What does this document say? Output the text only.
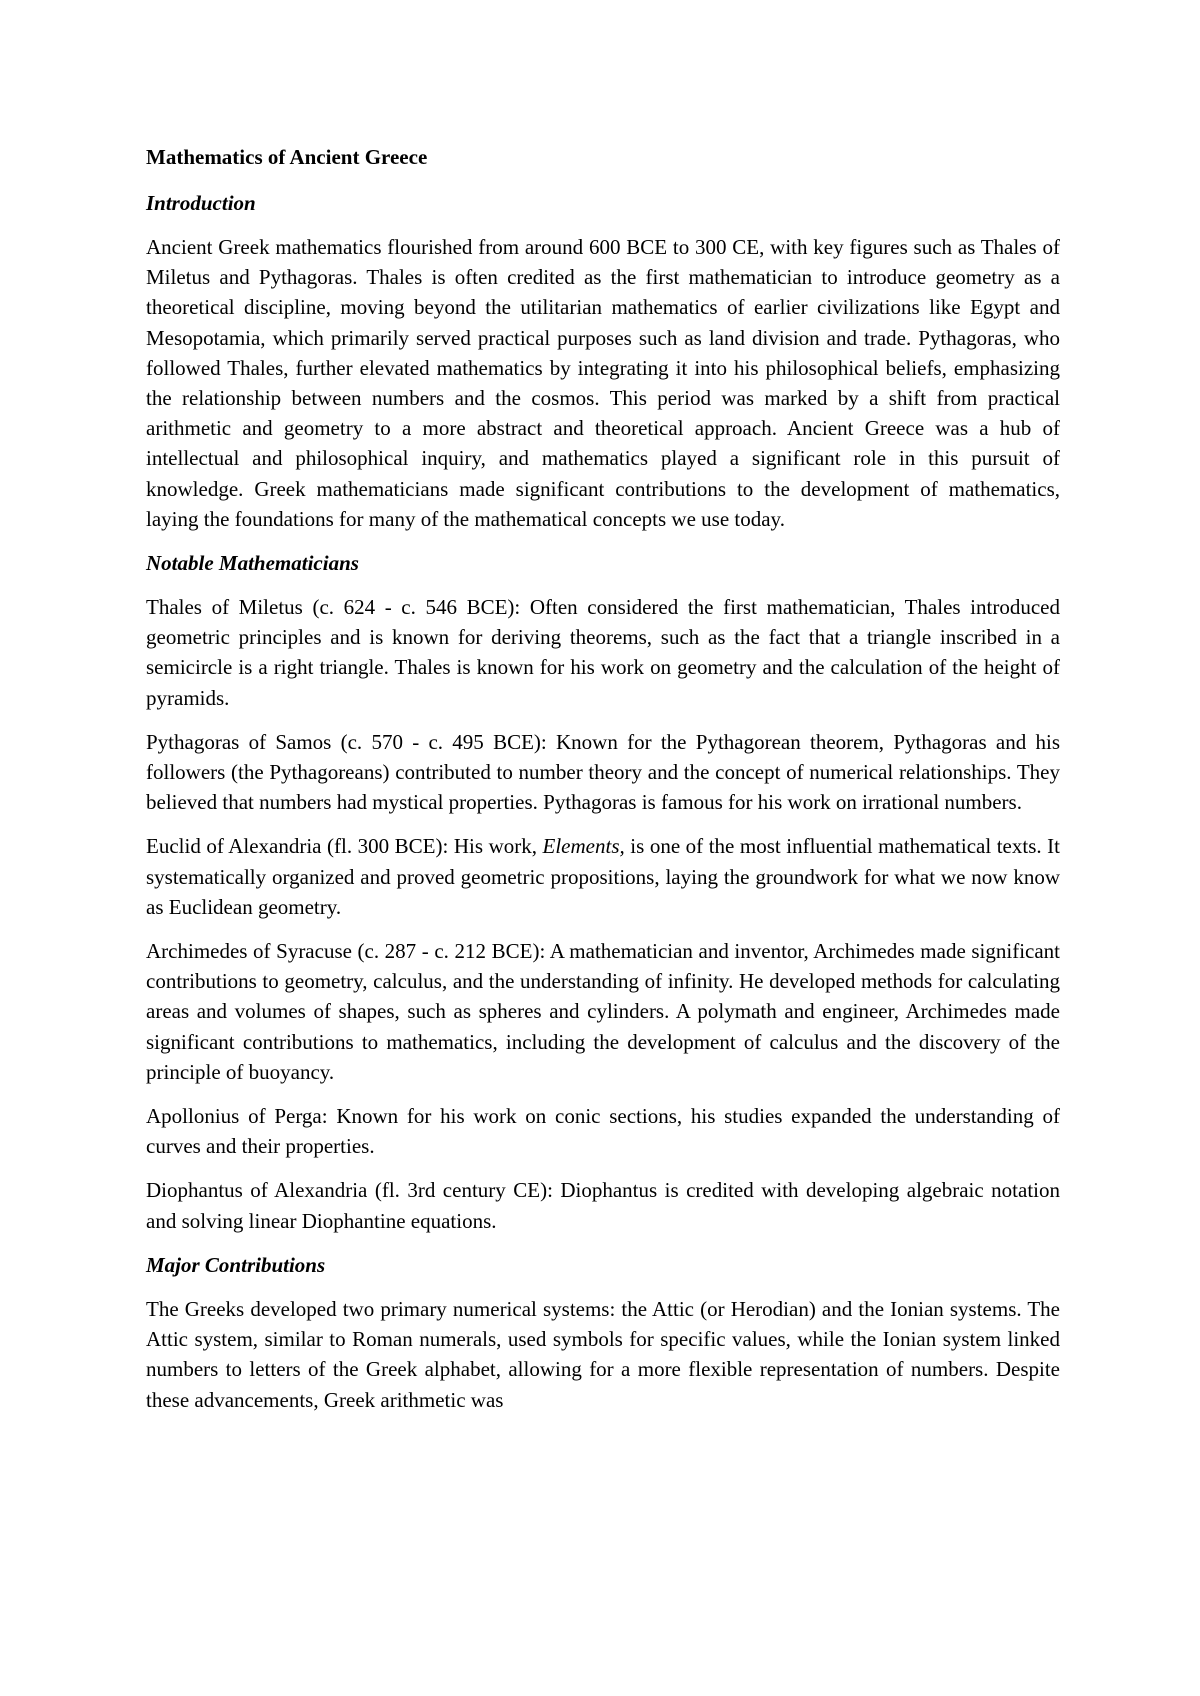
Mathematics of Ancient Greece
Introduction

Ancient Greek mathematics flourished from around 600 BCE to 300 CE, with key figures such as Thales of Miletus and Pythagoras. Thales is often credited as the first mathematician to introduce geometry as a theoretical discipline, moving beyond the utilitarian mathematics of earlier civilizations like Egypt and Mesopotamia, which primarily served practical purposes such as land division and trade. Pythagoras, who followed Thales, further elevated mathematics by integrating it into his philosophical beliefs, emphasizing the relationship between numbers and the cosmos. This period was marked by a shift from practical arithmetic and geometry to a more abstract and theoretical approach. Ancient Greece was a hub of intellectual and philosophical inquiry, and mathematics played a significant role in this pursuit of knowledge. Greek mathematicians made significant contributions to the development of mathematics, laying the foundations for many of the mathematical concepts we use today.

Notable Mathematicians

Thales of Miletus (c. 624 - c. 546 BCE): Often considered the first mathematician, Thales introduced geometric principles and is known for deriving theorems, such as the fact that a triangle inscribed in a semicircle is a right triangle. Thales is known for his work on geometry and the calculation of the height of pyramids.

Pythagoras of Samos (c. 570 - c. 495 BCE): Known for the Pythagorean theorem, Pythagoras and his followers (the Pythagoreans) contributed to number theory and the concept of numerical relationships. They believed that numbers had mystical properties. Pythagoras is famous for his work on irrational numbers.

Euclid of Alexandria (fl. 300 BCE): His work, Elements, is one of the most influential mathematical texts. It systematically organized and proved geometric propositions, laying the groundwork for what we now know as Euclidean geometry.

Archimedes of Syracuse (c. 287 - c. 212 BCE): A mathematician and inventor, Archimedes made significant contributions to geometry, calculus, and the understanding of infinity. He developed methods for calculating areas and volumes of shapes, such as spheres and cylinders. A polymath and engineer, Archimedes made significant contributions to mathematics, including the development of calculus and the discovery of the principle of buoyancy.

Apollonius of Perga: Known for his work on conic sections, his studies expanded the understanding of curves and their properties.

Diophantus of Alexandria (fl. 3rd century CE): Diophantus is credited with developing algebraic notation and solving linear Diophantine equations.

Major Contributions

The Greeks developed two primary numerical systems: the Attic (or Herodian) and the Ionian systems. The Attic system, similar to Roman numerals, used symbols for specific values, while the Ionian system linked numbers to letters of the Greek alphabet, allowing for a more flexible representation of numbers. Despite these advancements, Greek arithmetic was
